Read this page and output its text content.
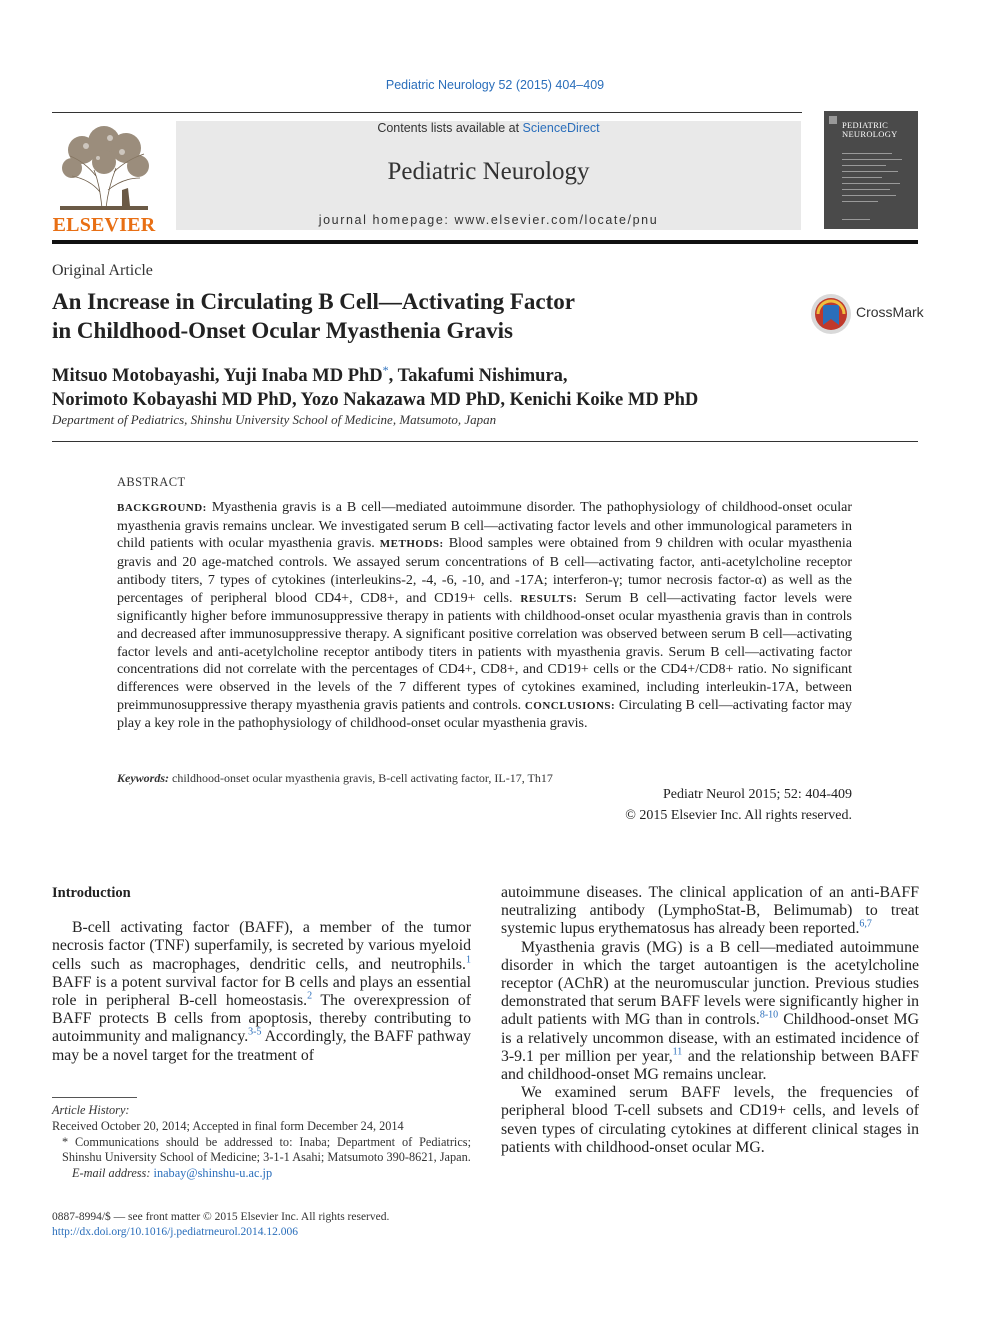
Pediatric Neurology 52 (2015) 404–409
ELSEVIER
Contents lists available at ScienceDirect
Pediatric Neurology
journal homepage: www.elsevier.com/locate/pnu
PEDIATRIC
NEUROLOGY
Original Article
An Increase in Circulating B Cell—Activating Factor
in Childhood-Onset Ocular Myasthenia Gravis
CrossMark
Mitsuo Motobayashi, Yuji Inaba MD PhD*, Takafumi Nishimura,
Norimoto Kobayashi MD PhD, Yozo Nakazawa MD PhD, Kenichi Koike MD PhD
Department of Pediatrics, Shinshu University School of Medicine, Matsumoto, Japan
ABSTRACT
BACKGROUND: Myasthenia gravis is a B cell—mediated autoimmune disorder. The pathophysiology of childhood-onset ocular myasthenia gravis remains unclear. We investigated serum B cell—activating factor levels and other immunological parameters in child patients with ocular myasthenia gravis. METHODS: Blood samples were obtained from 9 children with ocular myasthenia gravis and 20 age-matched controls. We assayed serum concentrations of B cell—activating factor, anti-acetylcholine receptor antibody titers, 7 types of cytokines (interleukins-2, -4, -6, -10, and -17A; interferon-γ; tumor necrosis factor-α) as well as the percentages of peripheral blood CD4+, CD8+, and CD19+ cells. RESULTS: Serum B cell—activating factor levels were significantly higher before immunosuppressive therapy in patients with childhood-onset ocular myasthenia gravis than in controls and decreased after immunosuppressive therapy. A significant positive correlation was observed between serum B cell—activating factor levels and anti-acetylcholine receptor antibody titers in patients with myasthenia gravis. Serum B cell—activating factor concentrations did not correlate with the percentages of CD4+, CD8+, and CD19+ cells or the CD4+/CD8+ ratio. No significant differences were observed in the levels of the 7 different types of cytokines examined, including interleukin-17A, between preimmunosuppressive therapy myasthenia gravis patients and controls. CONCLUSIONS: Circulating B cell—activating factor may play a key role in the pathophysiology of childhood-onset ocular myasthenia gravis.
Keywords: childhood-onset ocular myasthenia gravis, B-cell activating factor, IL-17, Th17
Pediatr Neurol 2015; 52: 404-409
© 2015 Elsevier Inc. All rights reserved.
Introduction
B-cell activating factor (BAFF), a member of the tumor necrosis factor (TNF) superfamily, is secreted by various myeloid cells such as macrophages, dendritic cells, and neutrophils.$^1$ BAFF is a potent survival factor for B cells and plays an essential role in peripheral B-cell homeostasis.$^2$ The overexpression of BAFF protects B cells from apoptosis, thereby contributing to autoimmunity and malignancy.$^{3-5}$ Accordingly, the BAFF pathway may be a novel target for the treatment of
Article History:
Received October 20, 2014; Accepted in final form December 24, 2014
* Communications should be addressed to: Inaba; Department of Pediatrics; Shinshu University School of Medicine; 3-1-1 Asahi; Matsumoto 390-8621, Japan.
E-mail address: inabay@shinshu-u.ac.jp
0887-8994/$ — see front matter © 2015 Elsevier Inc. All rights reserved.
http://dx.doi.org/10.1016/j.pediatrneurol.2014.12.006
autoimmune diseases. The clinical application of an anti-BAFF neutralizing antibody (LymphoStat-B, Belimumab) to treat systemic lupus erythematosus has already been reported.$^{6,7}$
Myasthenia gravis (MG) is a B cell—mediated autoimmune disorder in which the target autoantigen is the acetylcholine receptor (AChR) at the neuromuscular junction. Previous studies demonstrated that serum BAFF levels were significantly higher in adult patients with MG than in controls.$^{8-10}$ Childhood-onset MG is a relatively uncommon disease, with an estimated incidence of 3-9.1 per million per year,$^{11}$ and the relationship between BAFF and childhood-onset MG remains unclear.
We examined serum BAFF levels, the frequencies of peripheral blood T-cell subsets and CD19+ cells, and levels of seven types of circulating cytokines at different clinical stages in patients with childhood-onset ocular MG.
